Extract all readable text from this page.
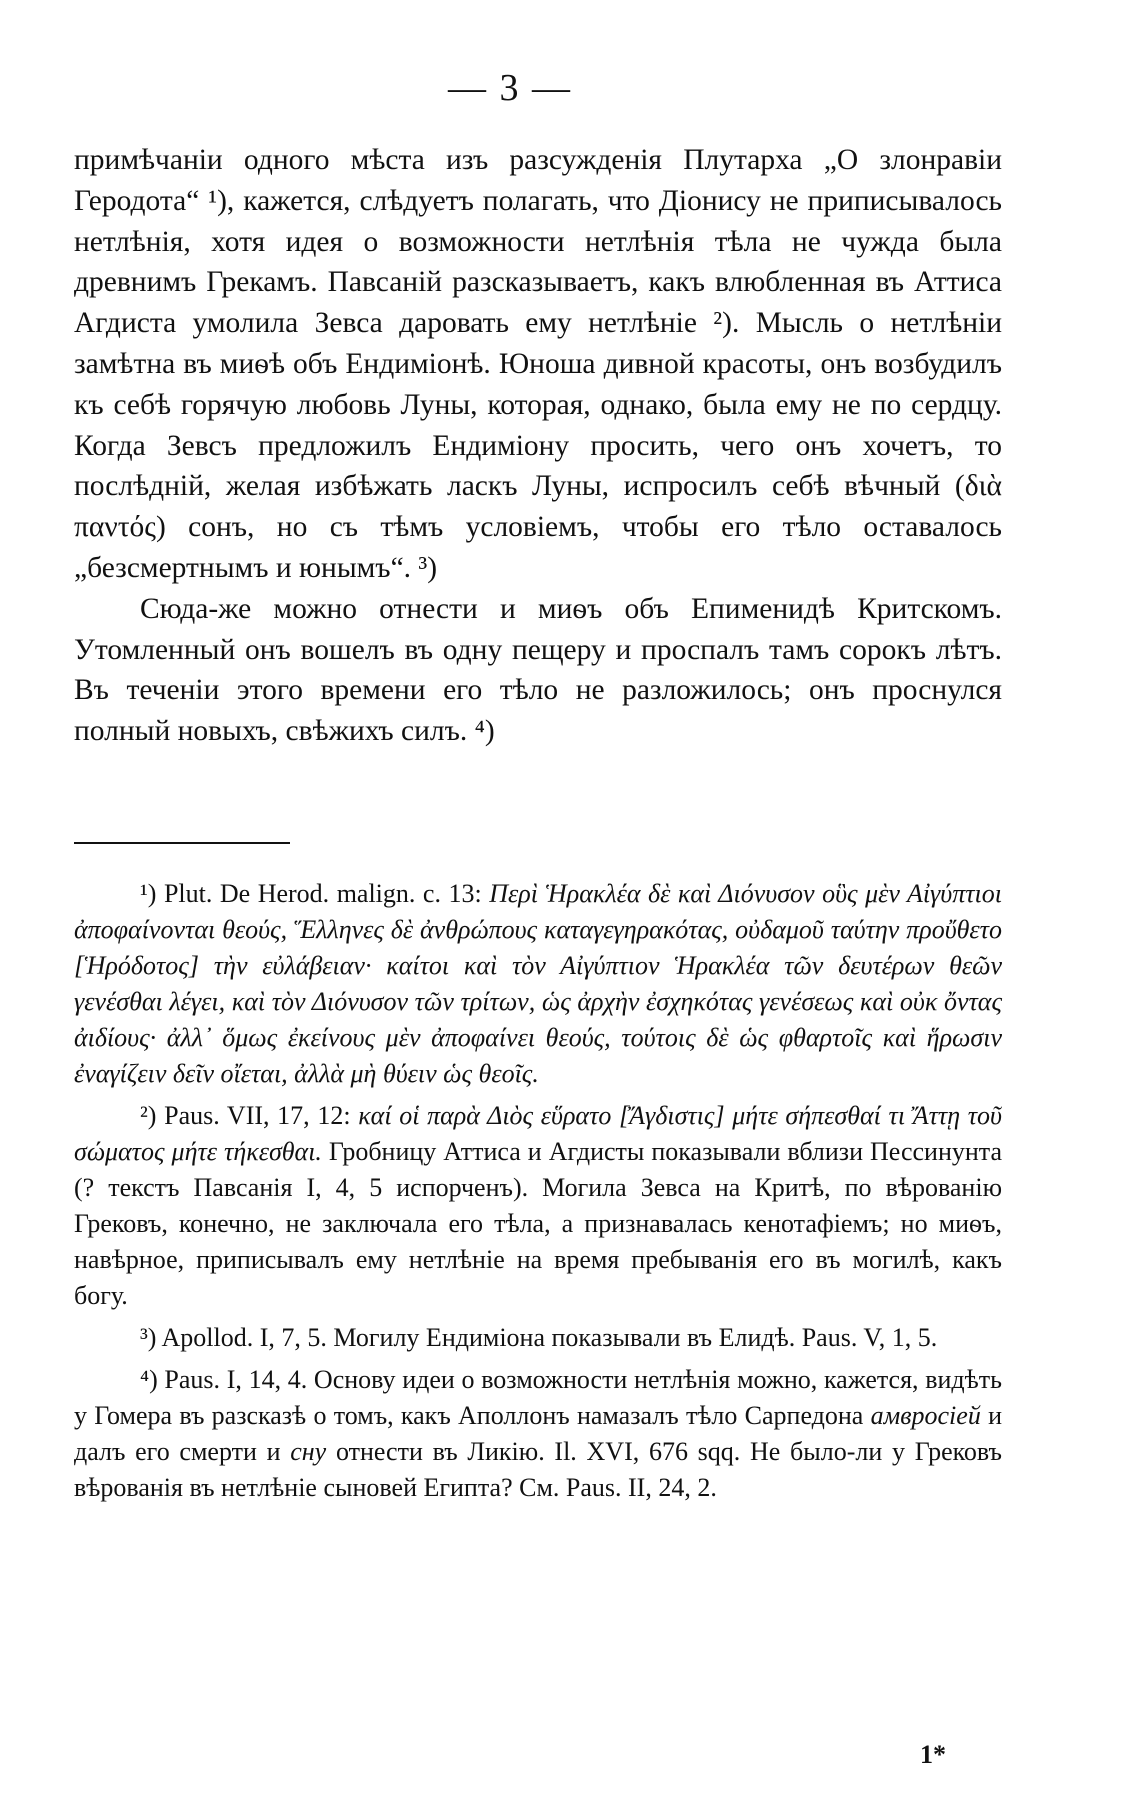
— 3 —

примѣчаніи одного мѣста изъ разсужденія Плутарха „О злонравіи Геродота“ ¹), кажется, слѣдуетъ полагать, что Діонису не приписывалось нетлѣнія, хотя идея о возможности нетлѣнія тѣла не чужда была древнимъ Грекамъ. Павсаній разсказываетъ, какъ влюбленная въ Аттиса Агдиста умолила Зевса даровать ему нетлѣніе ²). Мысль о нетлѣніи замѣтна въ миѳѣ объ Ендиміонѣ. Юноша дивной красоты, онъ возбудилъ къ себѣ горячую любовь Луны, которая, однако, была ему не по сердцу. Когда Зевсъ предложилъ Ендиміону просить, чего онъ хочетъ, то послѣдній, желая избѣжать ласкъ Луны, испросилъ себѣ вѣчный (διὰ παντός) сонъ, но съ тѣмъ условіемъ, чтобы его тѣло оставалось „безсмертнымъ и юнымъ“. ³)

Сюда-же можно отнести и миѳъ объ Епименидѣ Критскомъ. Утомленный онъ вошелъ въ одну пещеру и проспалъ тамъ сорокъ лѣтъ. Въ теченіи этого времени его тѣло не разложилось; онъ проснулся полный новыхъ, свѣжихъ силъ. ⁴)

¹) Plut. De Herod. malign. c. 13: Περὶ Ἡρακλέα δὲ καὶ Διόνυσον οὓς μὲν Αἰγύπτιοι ἀποφαίνονται θεούς, Ἕλληνες δὲ ἀνθρώπους καταγεγηρακότας, οὐδαμοῦ ταύτην προὔθετο [Ἡρόδοτος] τὴν εὐλάβειαν· καίτοι καὶ τὸν Αἰγύπτιον Ἡρακλέα τῶν δευτέρων θεῶν γενέσθαι λέγει, καὶ τὸν Διόνυσον τῶν τρίτων, ὡς ἀρχὴν ἐσχηκότας γενέσεως καὶ οὐκ ὄντας ἀιδίους· ἀλλ᾽ ὅμως ἐκείνους μὲν ἀποφαίνει θεούς, τούτοις δὲ ὡς φθαρτοῖς καὶ ἥρωσιν ἐναγίζειν δεῖν οἴεται, ἀλλὰ μὴ θύειν ὡς θεοῖς.

²) Paus. VII, 17, 12: καί οἱ παρὰ Διὸς εὕρατο [Ἄγδιστις] μήτε σήπεσθαί τι Ἄττῃ τοῦ σώματος μήτε τήκεσθαι. Гробницу Аттиса и Агдисты показывали вблизи Пессинунта (? текстъ Павсанія I, 4, 5 испорченъ). Могила Зевса на Критѣ, по вѣрованію Грековъ, конечно, не заключала его тѣла, а признавалась кенотафіемъ; но миѳъ, навѣрное, приписывалъ ему нетлѣніе на время пребыванія его въ могилѣ, какъ богу.

³) Apollod. I, 7, 5. Могилу Ендиміона показывали въ Елидѣ. Paus. V, 1, 5.

⁴) Paus. I, 14, 4. Основу идеи о возможности нетлѣнія можно, кажется, видѣть у Гомера въ разсказѣ о томъ, какъ Аполлонъ намазалъ тѣло Сарпедона амвросіей и далъ его смерти и сну отнести въ Ликію. Il. XVI, 676 sqq. Не было-ли у Грековъ вѣрованія въ нетлѣніе сыновей Египта? См. Paus. II, 24, 2.

1*
